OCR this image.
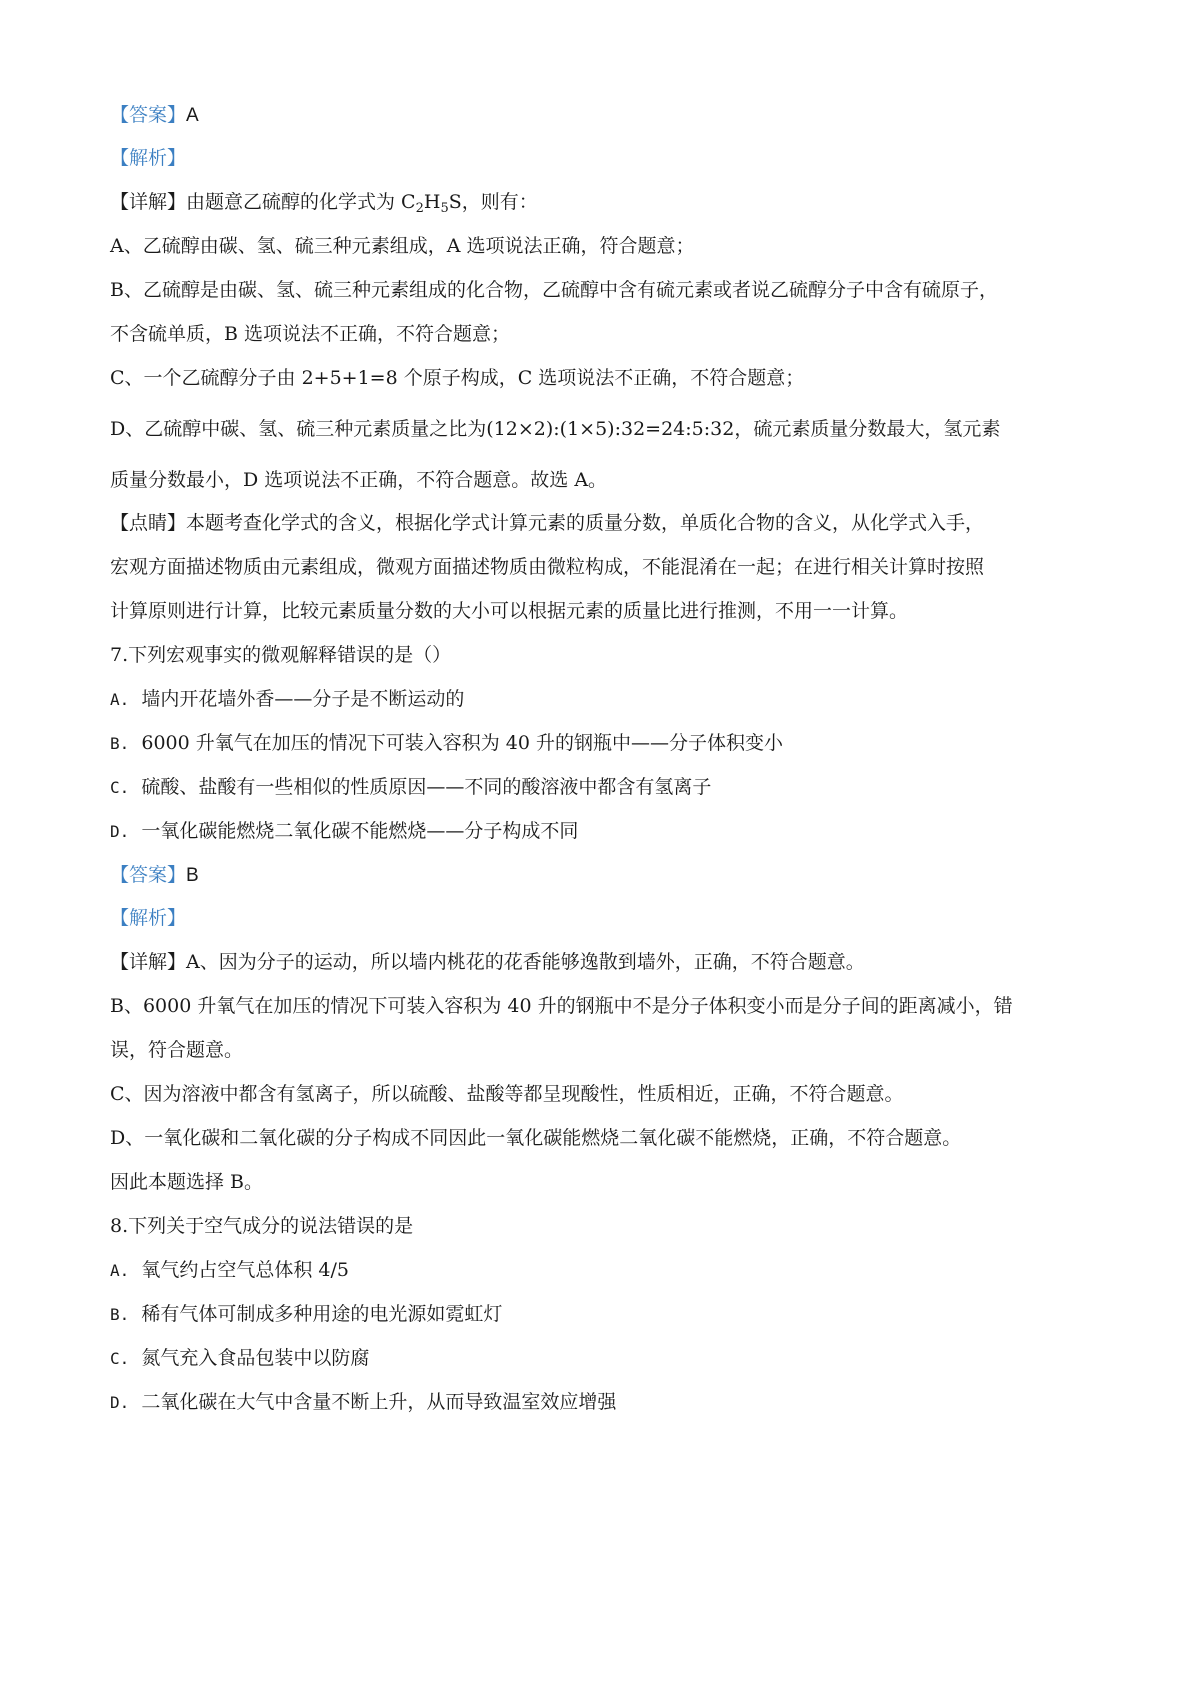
【答案】A
【解析】
【详解】由题意乙硫醇的化学式为 $C_2H_5S$，则有：
A、乙硫醇由碳、氢、硫三种元素组成，A 选项说法正确，符合题意；
B、乙硫醇是由碳、氢、硫三种元素组成的化合物，乙硫醇中含有硫元素或者说乙硫醇分子中含有硫原子，
不含硫单质，B 选项说法不正确，不符合题意；
C、一个乙硫醇分子由 2+5+1=8 个原子构成，C 选项说法不正确，不符合题意；
D、乙硫醇中碳、氢、硫三种元素质量之比为(12×2):(1×5):32=24:5:32，硫元素质量分数最大，氢元素
质量分数最小，D 选项说法不正确，不符合题意。故选 A。
【点睛】本题考查化学式的含义，根据化学式计算元素的质量分数，单质化合物的含义，从化学式入手，
宏观方面描述物质由元素组成，微观方面描述物质由微粒构成，不能混淆在一起；在进行相关计算时按照
计算原则进行计算，比较元素质量分数的大小可以根据元素的质量比进行推测，不用一一计算。
7.下列宏观事实的微观解释错误的是（）
A. 墙内开花墙外香——分子是不断运动的
B. 6000 升氧气在加压的情况下可装入容积为 40 升的钢瓶中——分子体积变小
C. 硫酸、盐酸有一些相似的性质原因——不同的酸溶液中都含有氢离子
D. 一氧化碳能燃烧二氧化碳不能燃烧——分子构成不同
【答案】B
【解析】
【详解】A、因为分子的运动，所以墙内桃花的花香能够逸散到墙外，正确，不符合题意。
B、6000 升氧气在加压的情况下可装入容积为 40 升的钢瓶中不是分子体积变小而是分子间的距离减小，错
误，符合题意。
C、因为溶液中都含有氢离子，所以硫酸、盐酸等都呈现酸性，性质相近，正确，不符合题意。
D、一氧化碳和二氧化碳的分子构成不同因此一氧化碳能燃烧二氧化碳不能燃烧，正确，不符合题意。
因此本题选择 B。
8.下列关于空气成分的说法错误的是
A. 氧气约占空气总体积 4/5
B. 稀有气体可制成多种用途的电光源如霓虹灯
C. 氮气充入食品包装中以防腐
D. 二氧化碳在大气中含量不断上升，从而导致温室效应增强
